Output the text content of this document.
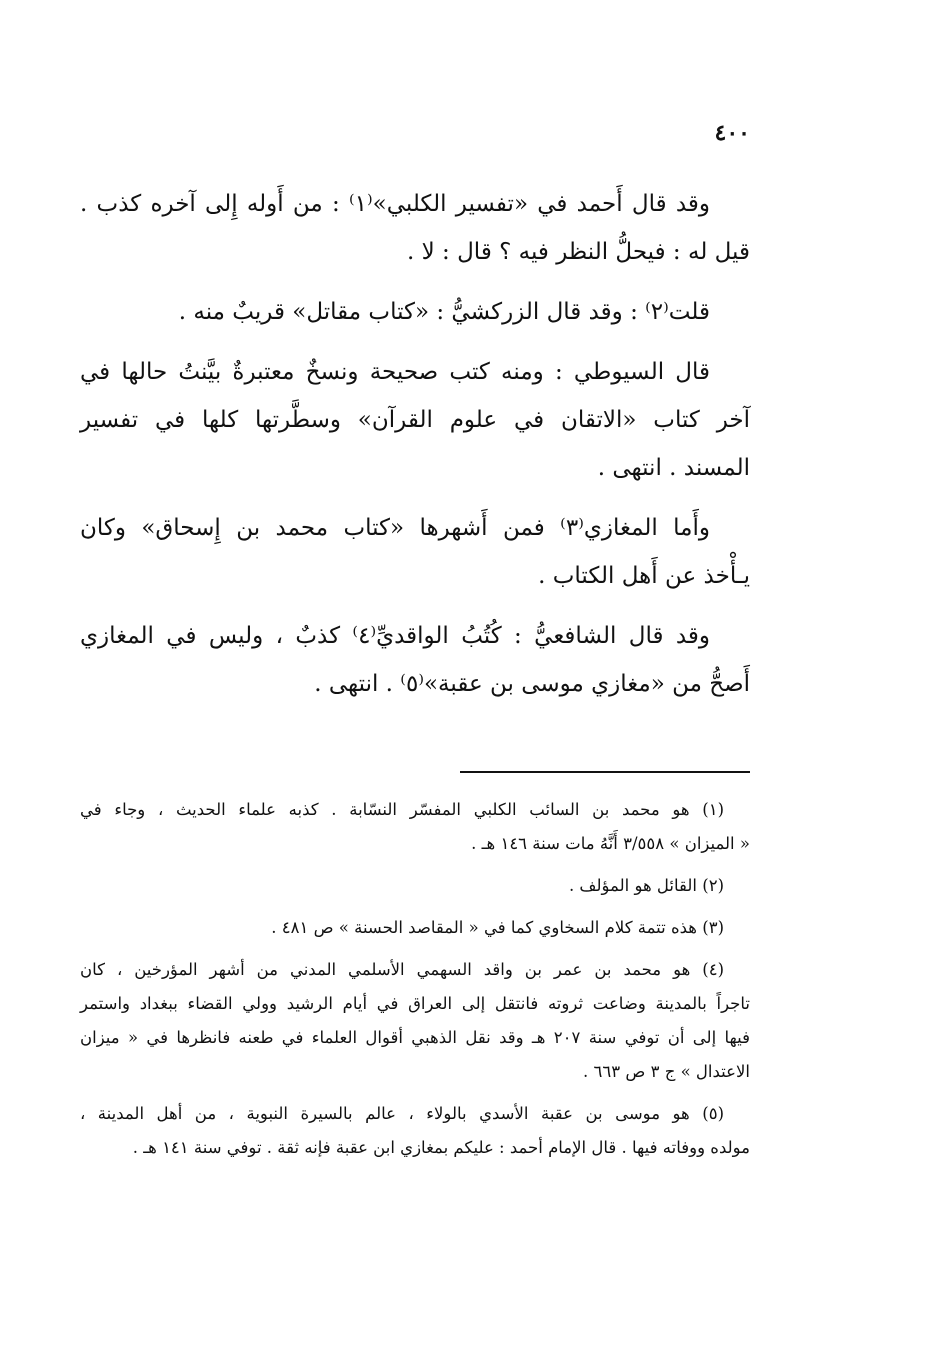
٤٠٠

وقد قال أَحمد في «تفسير الكلبي»⁽١⁾ : من أَوله إِلى آخره كذب .
قيل له : فيحلُّ النظر فيه ؟ قال : لا .

قلت⁽٢⁾ : وقد قال الزركشيُّ : «كتاب مقاتل» قريبٌ منه .

قال السيوطي : ومنه كتب صحيحة ونسخٌ معتبرةٌ بيَّنتُ حالها في
آخر كتاب «الاتقان في علوم القرآن» وسطَّرتها كلها في تفسير
المسند . انتهى .

وأَما المغازي⁽٣⁾ فمن أَشهرها «كتاب محمد بن إِسحاق» وكان
يـأْخذ عن أَهل الكتاب .

وقد قال الشافعيُّ : كُتُبُ الواقديِّ⁽٤⁾ كذبٌ ، وليس في المغازي
أَصحُّ من «مغازي موسى بن عقبة»⁽٥⁾ . انتهى .

(١) هو محمد بن السائب الكلبي المفسّر النسّابة . كذبه علماء الحديث ، وجاء في
« الميزان » ٣/٥٥٨ أَنَّهُ مات سنة ١٤٦ هـ .

(٢) القائل هو المؤلف .

(٣) هذه تتمة كلام السخاوي كما في « المقاصد الحسنة » ص ٤٨١ .

(٤) هو محمد بن عمر بن واقد السهمي الأسلمي المدني من أشهر المؤرخين ، كان
تاجراً بالمدينة وضاعت ثروته فانتقل إلى العراق في أيام الرشيد وولي القضاء ببغداد واستمر
فيها إلى أن توفي سنة ٢٠٧ هـ وقد نقل الذهبي أقوال العلماء في طعنه فانظرها في « ميزان
الاعتدال » ج ٣ ص ٦٦٣ .

(٥) هو موسى بن عقبة الأسدي بالولاء ، عالم بالسيرة النبوية ، من أهل المدينة ،
مولده ووفاته فيها . قال الإمام أحمد : عليكم بمغازي ابن عقبة فإنه ثقة . توفي سنة ١٤١ هـ .
